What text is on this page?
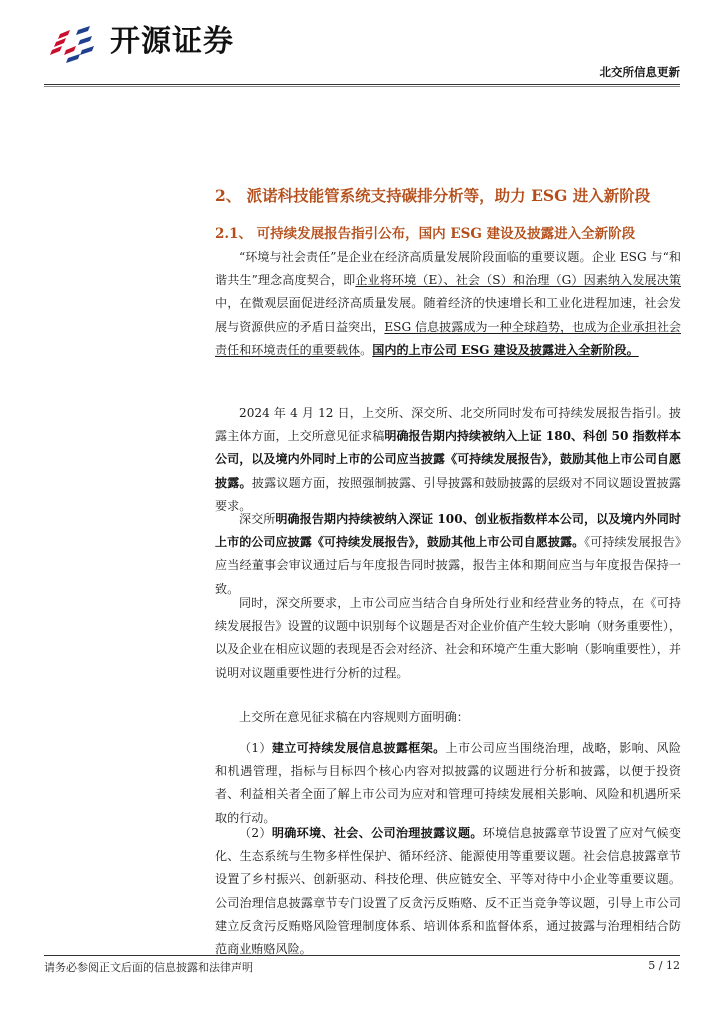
开源证券
北交所信息更新
2、 派诺科技能管系统支持碳排分析等，助力 ESG 进入新阶段
2.1、 可持续发展报告指引公布，国内 ESG 建设及披露进入全新阶段

“环境与社会责任”是企业在经济高质量发展阶段面临的重要议题。企业 ESG 与“和谐共生”理念高度契合，即企业将环境（E）、社会（S）和治理（G）因素纳入发展决策中，在微观层面促进经济高质量发展。随着经济的快速增长和工业化进程加速，社会发展与资源供应的矛盾日益突出，ESG 信息披露成为一种全球趋势，也成为企业承担社会责任和环境责任的重要载体。国内的上市公司 ESG 建设及披露进入全新阶段。

2024 年 4 月 12 日，上交所、深交所、北交所同时发布可持续发展报告指引。披露主体方面，上交所意见征求稿明确报告期内持续被纳入上证 180、科创 50 指数样本公司，以及境内外同时上市的公司应当披露《可持续发展报告》，鼓励其他上市公司自愿披露。披露议题方面，按照强制披露、引导披露和鼓励披露的层级对不同议题设置披露要求。

深交所明确报告期内持续被纳入深证 100、创业板指数样本公司，以及境内外同时上市的公司应披露《可持续发展报告》，鼓励其他上市公司自愿披露。《可持续发展报告》应当经董事会审议通过后与年度报告同时披露，报告主体和期间应当与年度报告保持一致。

同时，深交所要求，上市公司应当结合自身所处行业和经营业务的特点，在《可持续发展报告》设置的议题中识别每个议题是否对企业价值产生较大影响（财务重要性），以及企业在相应议题的表现是否会对经济、社会和环境产生重大影响（影响重要性），并说明对议题重要性进行分析的过程。

上交所在意见征求稿在内容规则方面明确：

（1）建立可持续发展信息披露框架。上市公司应当围绕治理，战略，影响、风险和机遇管理，指标与目标四个核心内容对拟披露的议题进行分析和披露，以便于投资者、利益相关者全面了解上市公司为应对和管理可持续发展相关影响、风险和机遇所采取的行动。

（2）明确环境、社会、公司治理披露议题。环境信息披露章节设置了应对气候变化、生态系统与生物多样性保护、循环经济、能源使用等重要议题。社会信息披露章节设置了乡村振兴、创新驱动、科技伦理、供应链安全、平等对待中小企业等重要议题。公司治理信息披露章节专门设置了反贪污反贿赂、反不正当竞争等议题，引导上市公司建立反贪污反贿赂风险管理制度体系、培训体系和监督体系，通过披露与治理相结合防范商业贿赂风险。

请务必参阅正文后面的信息披露和法律声明	5 / 12
